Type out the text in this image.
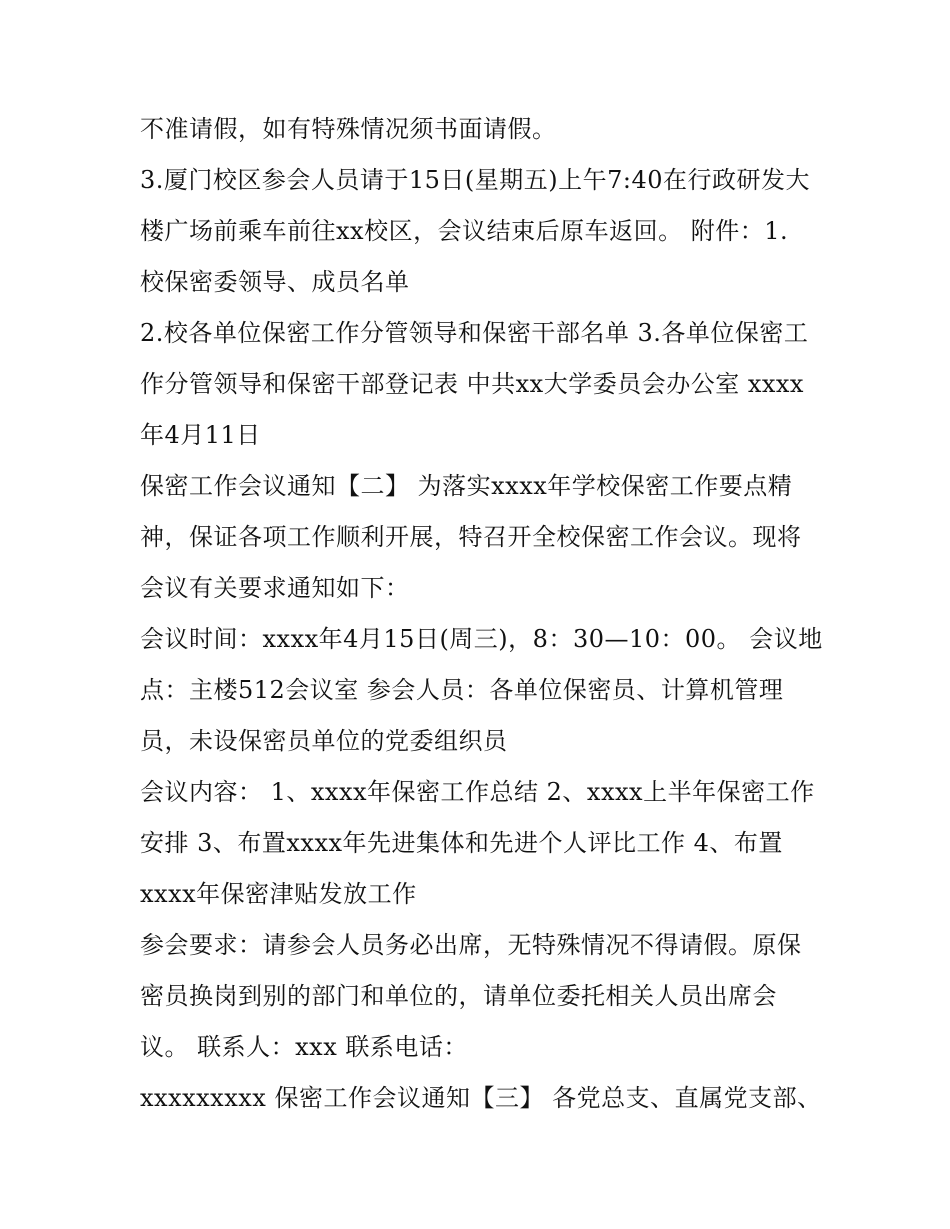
不准请假，如有特殊情况须书面请假。
3.厦门校区参会人员请于15日(星期五)上午7:40在行政研发大
楼广场前乘车前往xx校区，会议结束后原车返回。 附件：1.
校保密委领导、成员名单
2.校各单位保密工作分管领导和保密干部名单 3.各单位保密工
作分管领导和保密干部登记表 中共xx大学委员会办公室 xxxx
年4月11日
保密工作会议通知【二】 为落实xxxx年学校保密工作要点精
神，保证各项工作顺利开展，特召开全校保密工作会议。现将
会议有关要求通知如下：
会议时间：xxxx年4月15日(周三)，8：30—10：00。 会议地
点：主楼512会议室 参会人员：各单位保密员、计算机管理
员，未设保密员单位的党委组织员
会议内容： 1、xxxx年保密工作总结 2、xxxx上半年保密工作
安排 3、布置xxxx年先进集体和先进个人评比工作 4、布置
xxxx年保密津贴发放工作
参会要求：请参会人员务必出席，无特殊情况不得请假。原保
密员换岗到别的部门和单位的，请单位委托相关人员出席会
议。 联系人：xxx 联系电话：
xxxxxxxxx 保密工作会议通知【三】 各党总支、直属党支部、
